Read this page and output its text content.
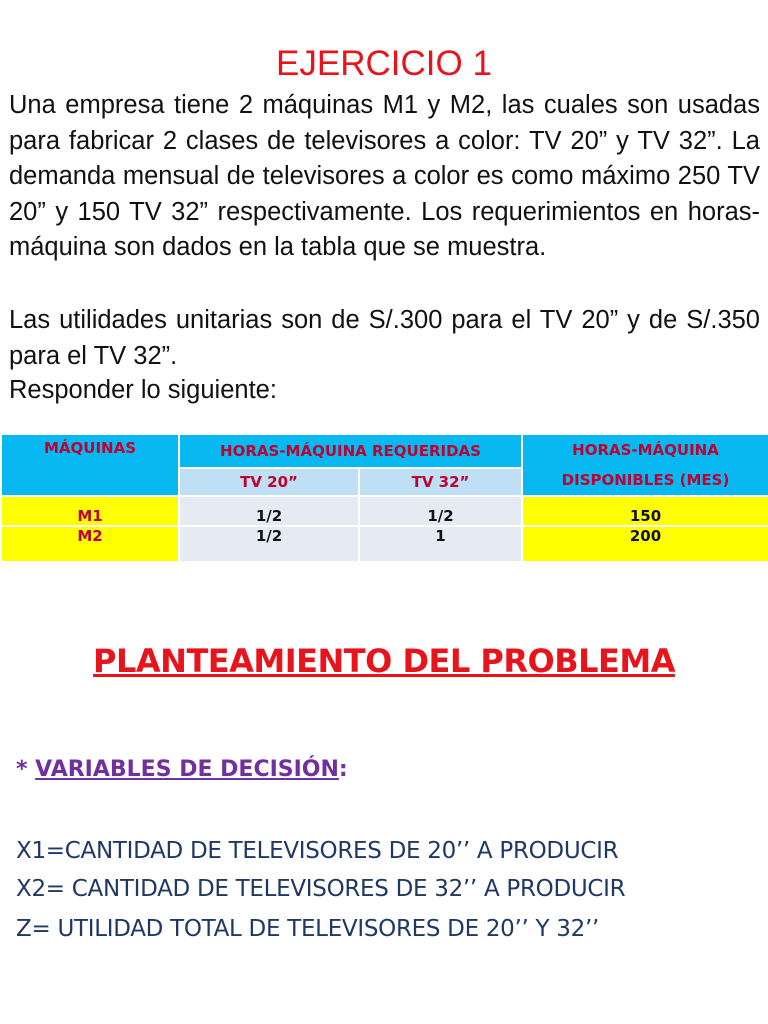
EJERCICIO 1
Una empresa tiene 2 máquinas M1 y M2, las cuales son usadas para fabricar 2 clases de televisores a color: TV 20” y TV 32”. La demanda mensual de televisores a color es como máximo 250 TV 20” y 150 TV 32” respectivamente. Los requerimientos en horas-máquina son dados en la tabla que se muestra.
Las utilidades unitarias son de S/.300 para el TV 20” y de S/.350 para el TV 32”.
Responder lo siguiente:
MÁQUINAS	HORAS-MÁQUINA REQUERIDAS		HORAS-MÁQUINA
DISPONIBLES (MES)

	TV 20”	TV 32”	
M1	1/2	1/2	150
M2	1/2	1	200
PLANTEAMIENTO DEL PROBLEMA
* VARIABLES DE DECISIÓN:
X1=CANTIDAD DE TELEVISORES DE 20’’ A PRODUCIR
X2= CANTIDAD DE TELEVISORES DE 32’’ A PRODUCIR
Z= UTILIDAD TOTAL DE TELEVISORES DE 20’’ Y 32’’
